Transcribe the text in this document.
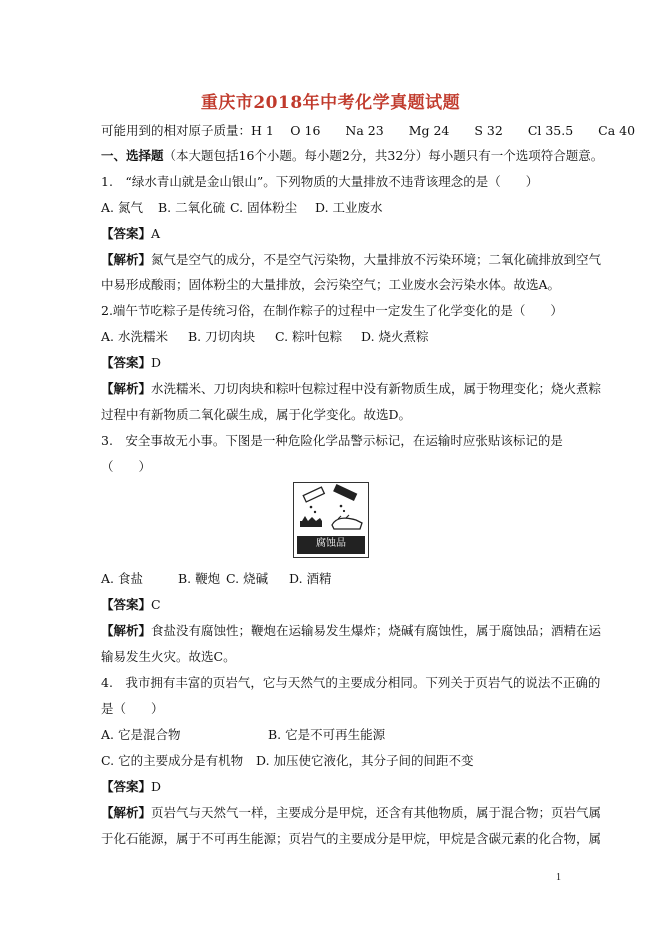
重庆市2018年中考化学真题试题
可能用到的相对原子质量：H 1　 O 16　　Na 23　　Mg 24　　S 32　　Cl 35.5　　Ca 40
一、选择题（本大题包括16个小题。每小题2分，共32分）每小题只有一个选项符合题意。
1.　“绿水青山就是金山银山”。下列物质的大量排放不违背该理念的是（　　）
A. 氮气 B. 二氧化硫 C. 固体粉尘 D. 工业废水
【答案】A
【解析】氮气是空气的成分，不是空气污染物，大量排放不污染环境；二氧化硫排放到空气
中易形成酸雨；固体粉尘的大量排放，会污染空气；工业废水会污染水体。故选A。
2.端午节吃粽子是传统习俗，在制作粽子的过程中一定发生了化学变化的是（　　）
A. 水洗糯米 B. 刀切肉块 C. 粽叶包粽 D. 烧火煮粽
【答案】D
【解析】水洗糯米、刀切肉块和粽叶包粽过程中没有新物质生成，属于物理变化；烧火煮粽
过程中有新物质二氧化碳生成，属于化学变化。故选D。
3.　安全事故无小事。下图是一种危险化学品警示标记，在运输时应张贴该标记的是
（　　）
腐蚀品
A. 食盐	B. 鞭炮 C. 烧碱 D. 酒精
【答案】C
【解析】食盐没有腐蚀性；鞭炮在运输易发生爆炸；烧碱有腐蚀性，属于腐蚀品；酒精在运
输易发生火灾。故选C。
4.　我市拥有丰富的页岩气，它与天然气的主要成分相同。下列关于页岩气的说法不正确的
是（　　）
A. 它是混合物	B. 它是不可再生能源
C. 它的主要成分是有机物 D. 加压使它液化，其分子间的间距不变
【答案】D
【解析】页岩气与天然气一样，主要成分是甲烷，还含有其他物质，属于混合物；页岩气属
于化石能源，属于不可再生能源；页岩气的主要成分是甲烷，甲烷是含碳元素的化合物，属
1
